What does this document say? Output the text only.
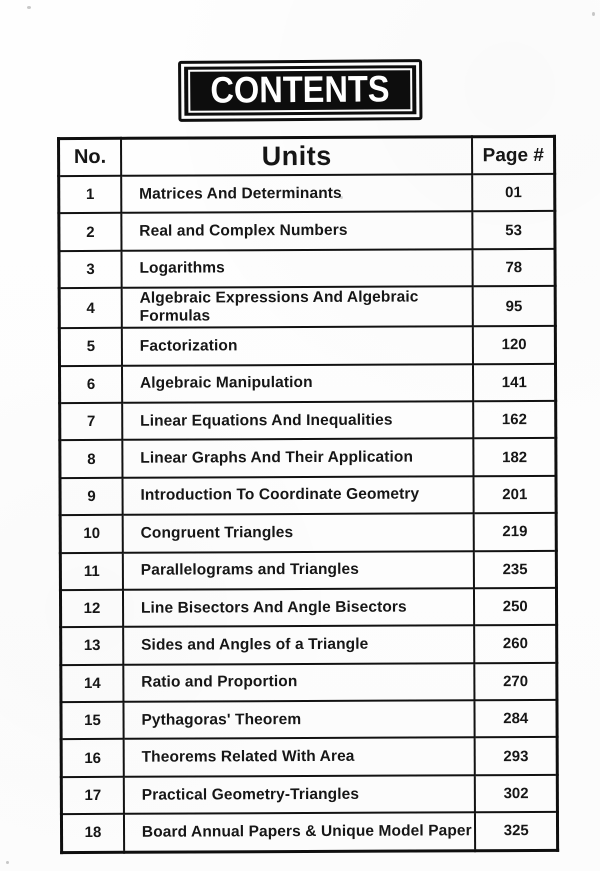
CONTENTS
No.	Units	Page #
1	Matrices And Determinants	01
2	Real and Complex Numbers	53
3	Logarithms	78
4	Algebraic Expressions And Algebraic Formulas	95
5	Factorization	120
6	Algebraic Manipulation	141
7	Linear Equations And Inequalities	162
8	Linear Graphs And Their Application	182
9	Introduction To Coordinate Geometry	201
10	Congruent Triangles	219
11	Parallelograms and Triangles	235
12	Line Bisectors And Angle Bisectors	250
13	Sides and Angles of a Triangle	260
14	Ratio and Proportion	270
15	Pythagoras' Theorem	284
16	Theorems Related With Area	293
17	Practical Geometry-Triangles	302
18	Board Annual Papers & Unique Model Paper	325
